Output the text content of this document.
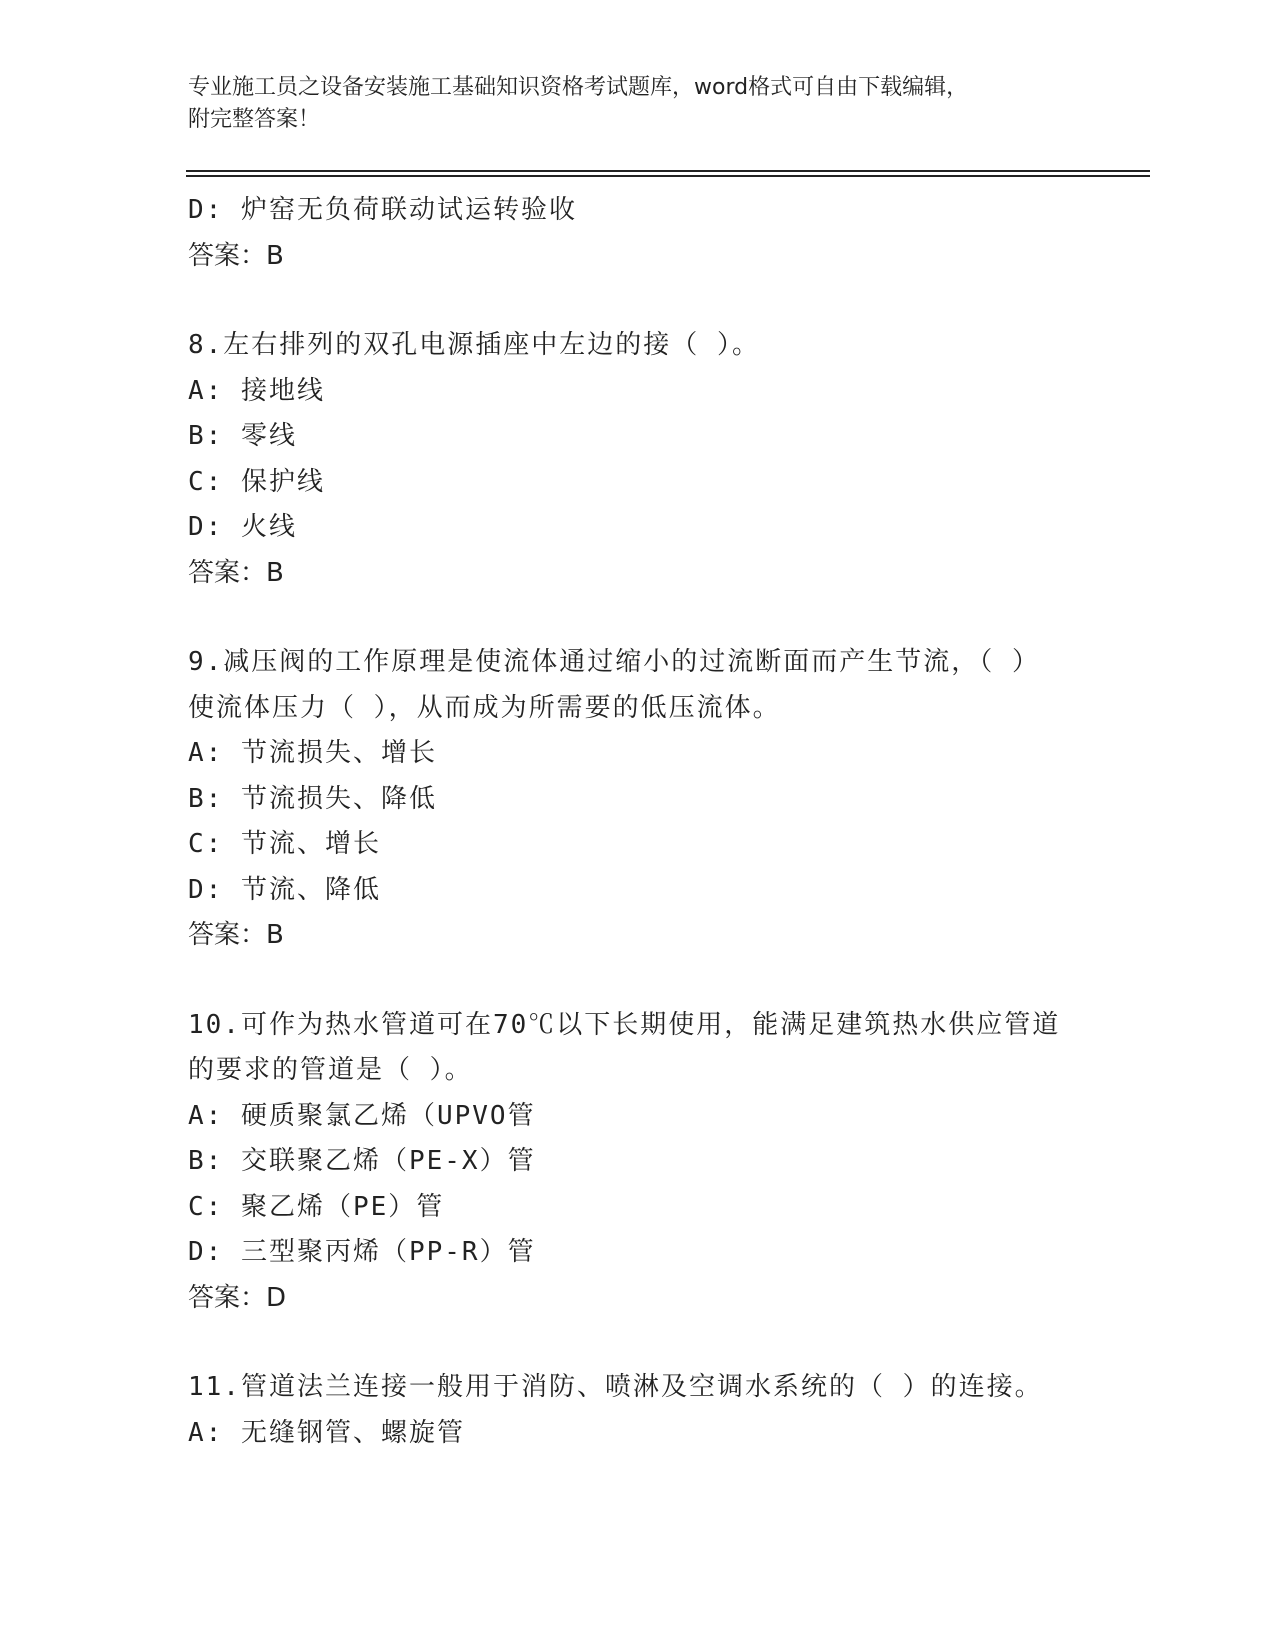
专业施工员之设备安装施工基础知识资格考试题库，word格式可自由下载编辑，
附完整答案！
D: 炉窑无负荷联动试运转验收
答案：B
8.左右排列的双孔电源插座中左边的接（ ）。
A: 接地线
B: 零线
C: 保护线
D: 火线
答案：B
9.减压阀的工作原理是使流体通过缩小的过流断面而产生节流，（ ）
使流体压力（ ），从而成为所需要的低压流体。
A: 节流损失、增长
B: 节流损失、降低
C: 节流、增长
D: 节流、降低
答案：B
10.可作为热水管道可在70℃以下长期使用，能满足建筑热水供应管道
的要求的管道是（ ）。
A: 硬质聚氯乙烯（UPVO管
B: 交联聚乙烯（PE-X）管
C: 聚乙烯（PE）管
D: 三型聚丙烯（PP-R）管
答案：D
11.管道法兰连接一般用于消防、喷淋及空调水系统的（ ）的连接。
A: 无缝钢管、螺旋管
